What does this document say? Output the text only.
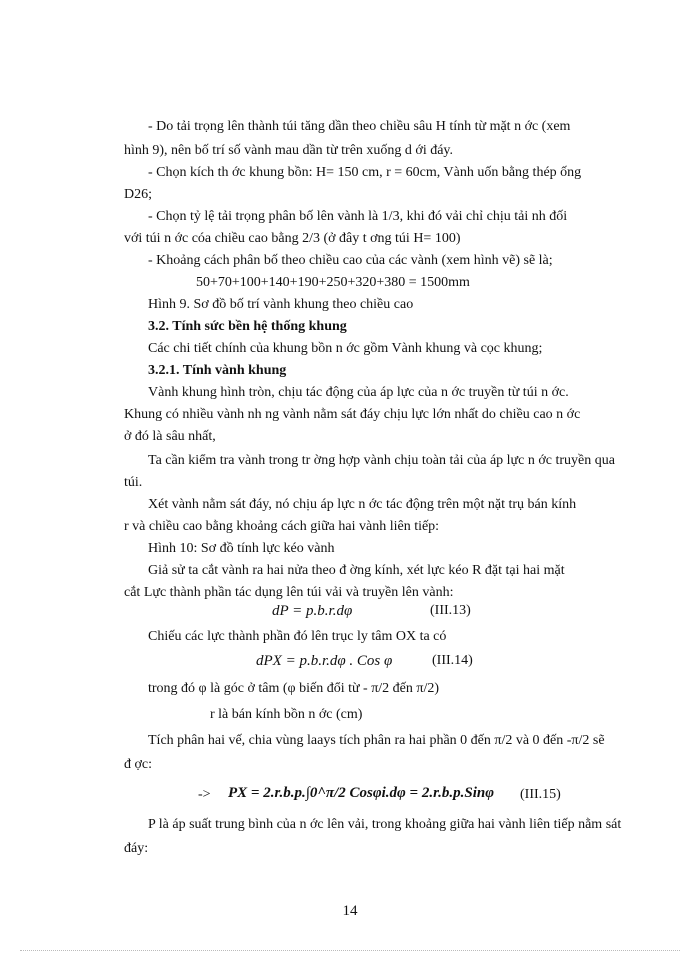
- Do tải trọng lên thành túi tăng dần theo chiều sâu H tính từ mặt n ớc (xem
hình 9), nên bố trí số vành mau dần từ trên xuống d ới đáy.
- Chọn kích th ớc khung bồn: H= 150 cm, r = 60cm, Vành uốn bằng thép ống
D26;
- Chọn tỷ lệ tải trọng phân bố lên vành là 1/3, khi đó vải chỉ chịu tải nh đối
với túi n ớc cóa chiều cao bằng 2/3 (ở đây t ơng túi H= 100)
- Khoảng cách phân bố theo chiều cao của các vành (xem hình vẽ) sẽ là;
50+70+100+140+190+250+320+380 = 1500mm
Hình 9. Sơ đồ bố trí vành khung theo chiều cao
3.2. Tính sức bền hệ thống khung
Các chi tiết chính của khung bồn n ớc gồm Vành khung và cọc khung;
3.2.1. Tính vành khung
Vành khung hình tròn, chịu tác động của áp lực của n ớc truyền từ túi n ớc.
Khung có nhiều vành nh ng vành nằm sát đáy chịu lực lớn nhất do chiều cao n ớc
ở đó là sâu nhất,
Ta cần kiểm tra vành trong tr ờng hợp vành chịu toàn tải của áp lực n ớc truyền qua
túi.
Xét vành nằm sát đáy, nó chịu áp lực n ớc tác động trên một nặt trụ bán kính
r và chiều cao bằng khoảng cách giữa hai vành liên tiếp:
Hình 10: Sơ đồ tính lực kéo vành
Giả sử ta cắt vành ra hai nửa theo đ ờng kính, xét lực kéo R đặt tại hai mặt
cắt Lực thành phần tác dụng lên túi vải và truyền lên vành:
dP = p.b.r.dφ	(III.13)
Chiếu các lực thành phần đó lên trục ly tâm OX ta có
dPX = p.b.r.dφ . Cos φ	(III.14)
trong đó φ là góc ở tâm (φ biến đổi từ - π/2 đến π/2)
r là bán kính bồn n ớc (cm)
Tích phân hai vế, chia vùng laays tích phân ra hai phần 0 đến π/2 và 0 đến -π/2 sẽ
đ ợc:
-> PX = 2.r.b.p.∫0^π/2 Cosφi.dφ = 2.r.b.p.Sinφ (III.15)
P là áp suất trung bình của n ớc lên vải, trong khoảng giữa hai vành liên tiếp nằm sát
đáy:
14
